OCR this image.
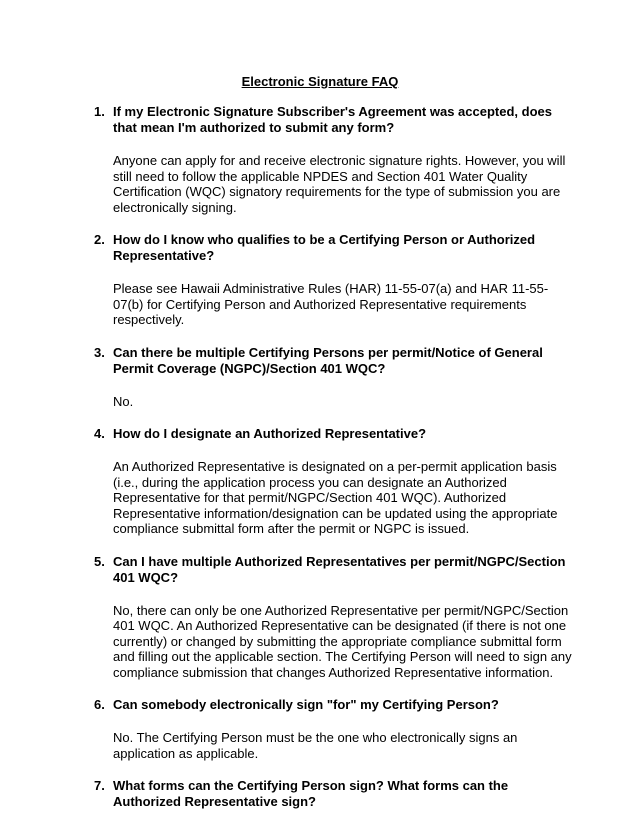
Electronic Signature FAQ
1. If my Electronic Signature Subscriber's Agreement was accepted, does that mean I'm authorized to submit any form?

Anyone can apply for and receive electronic signature rights. However, you will still need to follow the applicable NPDES and Section 401 Water Quality Certification (WQC) signatory requirements for the type of submission you are electronically signing.

2. How do I know who qualifies to be a Certifying Person or Authorized Representative?

Please see Hawaii Administrative Rules (HAR) 11-55-07(a) and HAR 11-55-07(b) for Certifying Person and Authorized Representative requirements respectively.

3. Can there be multiple Certifying Persons per permit/Notice of General Permit Coverage (NGPC)/Section 401 WQC?

No.

4. How do I designate an Authorized Representative?

An Authorized Representative is designated on a per-permit application basis (i.e., during the application process you can designate an Authorized Representative for that permit/NGPC/Section 401 WQC). Authorized Representative information/designation can be updated using the appropriate compliance submittal form after the permit or NGPC is issued.

5. Can I have multiple Authorized Representatives per permit/NGPC/Section 401 WQC?

No, there can only be one Authorized Representative per permit/NGPC/Section 401 WQC. An Authorized Representative can be designated (if there is not one currently) or changed by submitting the appropriate compliance submittal form and filling out the applicable section. The Certifying Person will need to sign any compliance submission that changes Authorized Representative information.

6. Can somebody electronically sign "for" my Certifying Person?

No. The Certifying Person must be the one who electronically signs an application as applicable.

7. What forms can the Certifying Person sign? What forms can the Authorized Representative sign?
